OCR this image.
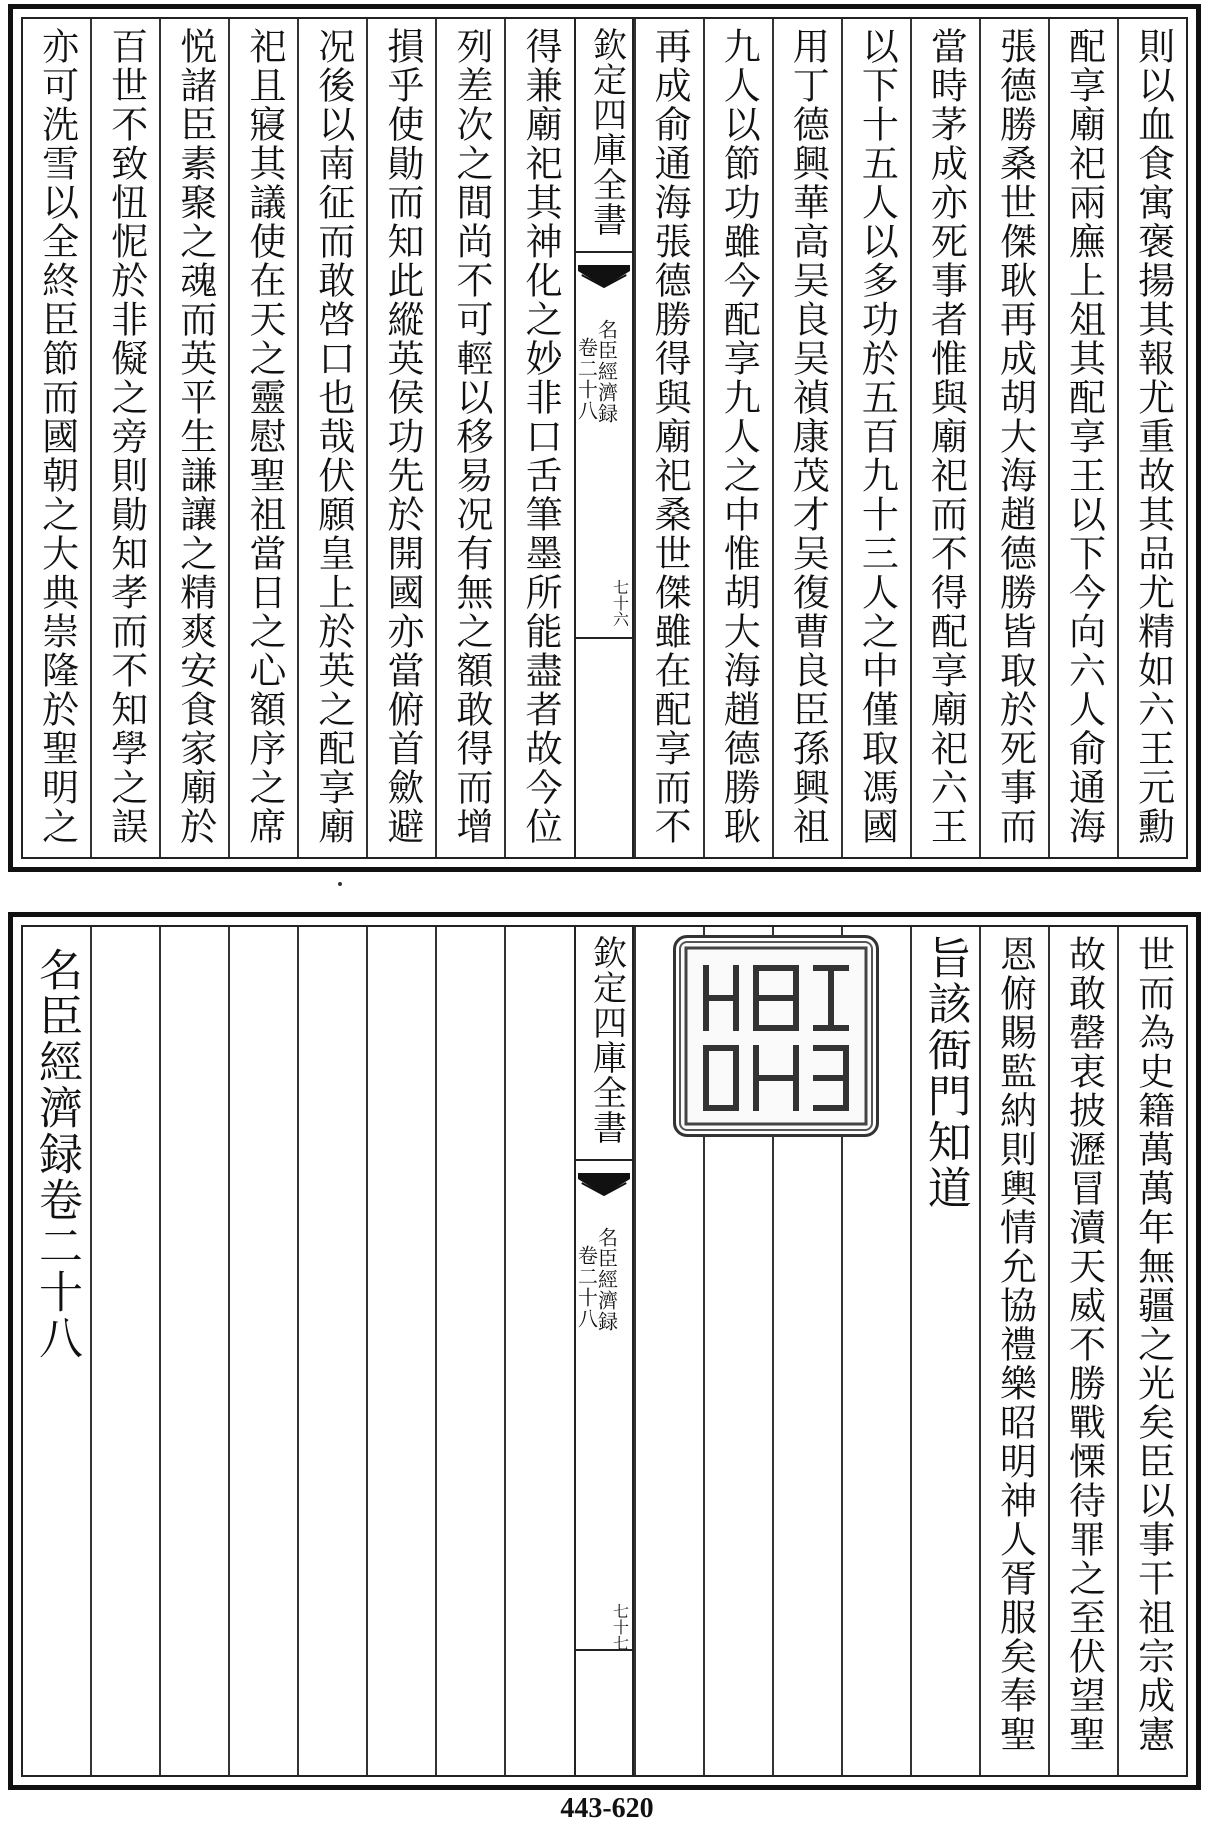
亦可洗雪以全終臣節而國朝之大典崇隆於聖明之 百世不致忸怩於非儗之旁則勛知孝而不知學之誤 悦諸臣素聚之魂而英平生謙讓之精爽安食家廟於 祀且寢其議使在天之靈慰聖祖當日之心額序之席 况後以南征而敢啓口也哉伏願皇上於英之配享廟 損乎使勛而知此縱英侯功先於開國亦當俯首歛避 列差次之間尚不可輕以移易况有無之額敢得而增 得兼廟祀其神化之妙非口舌筆墨所能盡者故今位 欽定四庫全書
名臣經濟録
卷二十八
七十六 再成俞通海張德勝得與廟祀桑世傑雖在配享而不 九人以節功雖今配享九人之中惟胡大海趙德勝耿 用丁德興華高吴良吴禎康茂才吴復曹良臣孫興祖 以下十五人以多功於五百九十三人之中僅取馮國 當時茅成亦死事者惟與廟祀而不得配享廟祀六王 張德勝桑世傑耿再成胡大海趙德勝皆取於死事而 配享廟祀兩廡上俎其配享王以下今向六人俞通海 則以血食寓褒揚其報尤重故其品尤精如六王元勳
名臣經濟録卷二十八	欽定四庫全書
名臣經濟録
卷二十八
七十七
旨該衙門知道 恩俯賜監納則輿情允協禮樂昭明神人胥服矣奉聖 故敢罄衷披瀝冒瀆天威不勝戰慄待罪之至伏望聖 世而為史籍萬萬年無疆之光矣臣以事干祖宗成憲
443-620
